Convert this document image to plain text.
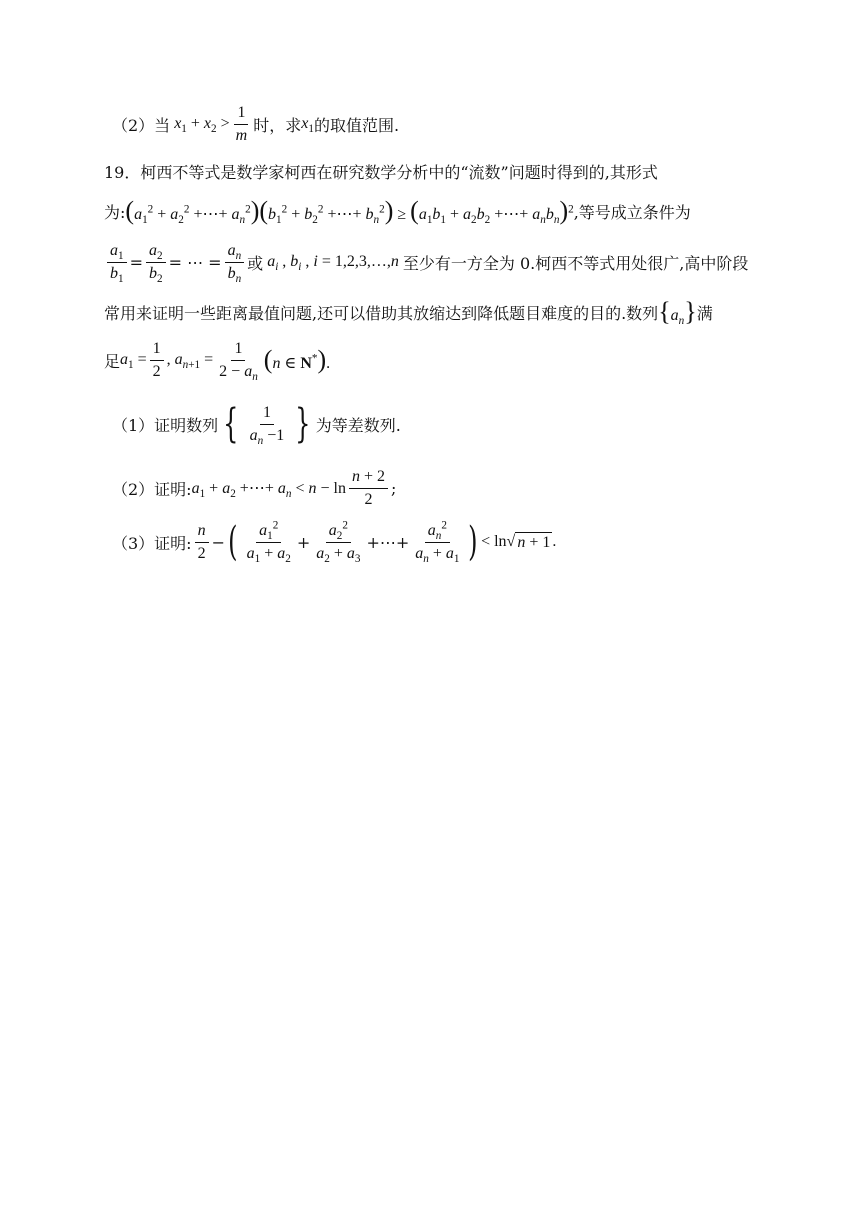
（2）当 $x_1 + x_2 > \frac{1}{m}$ 时，求 $x_1$ 的取值范围.
19． 柯西不等式是数学家柯西在研究数学分析中的“流数”问题时得到的,其形式
为: ($a_1^2 + a_2^2$ +⋯+ $a_n^2)(b_1^2 + b_2^2$ +⋯+ $b_n^2) \ge (a_1b_1 + a_2b_2$ +⋯+ $a_nb_n)^2$ ,等号成立条件为
$\frac{a_1}{b_1} = \frac{a_2}{b_2}$ = ⋯ = $\frac{a_n}{b_n}$ 或 $a_i$ , $b_i$ , i = 1,2,3,…,n 至少有一方全为 0.柯西不等式用处很广,高中阶段
常用来证明一些距离最值问题,还可以借助其放缩达到降低题目难度的目的.数列 $\{a_n\}$ 满
足 $a_1 = \frac{1}{2}$ , $a_{n+1} = \frac{1}{2 - a_n} (n$ ∈ N*).
（1）证明数列 { $\frac{1}{a_n -1}$ } 为等差数列.
（2）证明: $a_1 + a_2$ +⋯+ $a_n < n - \ln \frac{n + 2}{2}$ ;
（3）证明: $\frac{n}{2}$ − ( $\frac{a_1^2}{a_1 + a_2} + \frac{a_2^2}{a_2 + a_3}$ +⋯+ $\frac{a_n^2}{a_n + a_1}$ ) < ln √ n + 1 .
